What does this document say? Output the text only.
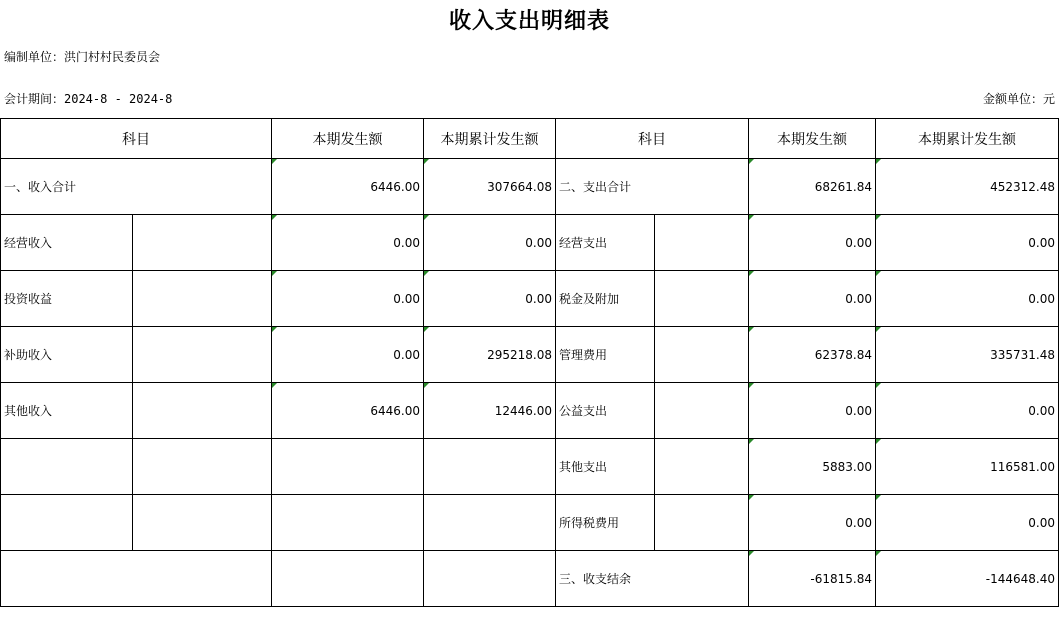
收入支出明细表
编制单位：洪门村村民委员会
会计期间：2024-8 - 2024-8	金额单位：元
科目		本期发生额	本期累计发生额	科目		本期发生额	本期累计发生额
一、收入合计		6446.00	307664.08	二、支出合计		68261.84	452312.48
经营收入		0.00	0.00	经营支出		0.00	0.00
投资收益		0.00	0.00	税金及附加		0.00	0.00
补助收入		0.00	295218.08	管理费用		62378.84	335731.48
其他收入		6446.00	12446.00	公益支出		0.00	0.00
				其他支出		5883.00	116581.00
				所得税费用		0.00	0.00
				三、收支结余		-61815.84	-144648.40
